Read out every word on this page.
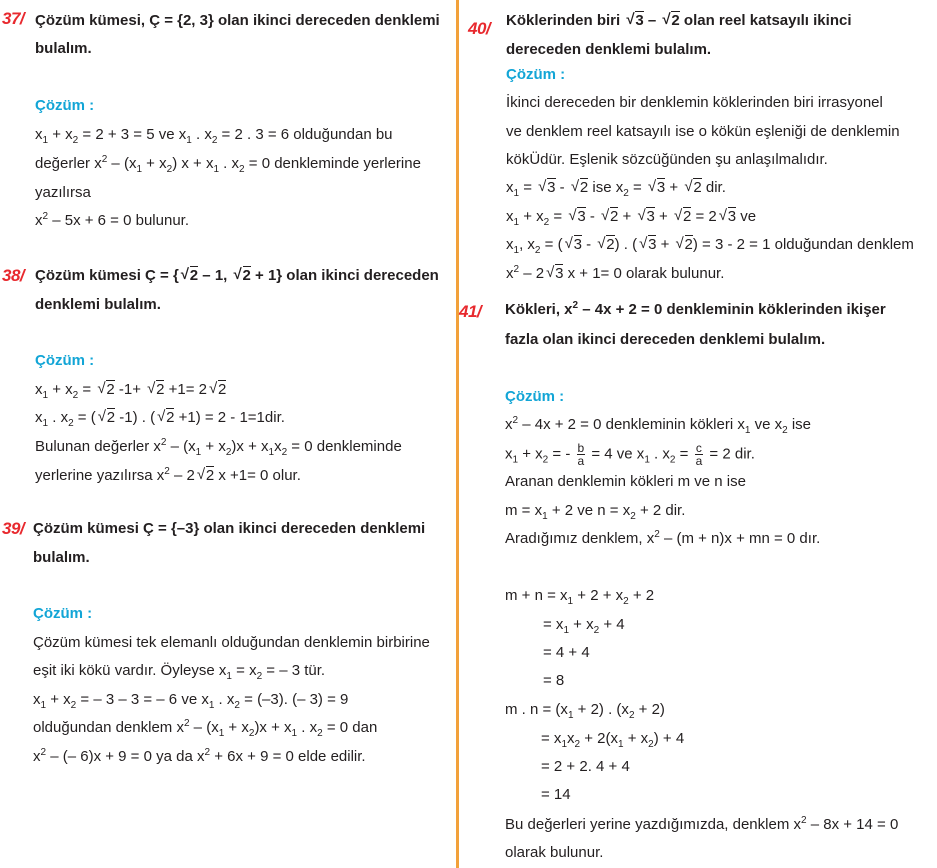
37/ Çözüm kümesi, Ç = {2, 3} olan ikinci dereceden denklemi
bulalım.
Çözüm :
$x_1 + x_2 = 2 + 3 = 5$ ve $x_1$ . $x_2 = 2$ . 3 = 6 olduğundan bu
değerler $x^2 - (x_1 + x_2) x + x_1$ . $x_2 = 0$ denkleminde yerlerine
yazılırsa
$x^2 - 5x + 6 = 0$ bulunur.
38/ Çözüm kümesi Ç = {√ 2 – 1, √ 2 + 1} olan ikinci dereceden
denklemi bulalım.
Çözüm :
$x_1 + x_2$ = √ 2 -1+ √ 2 +1= 2√ 2
$x_1$ . $x_2$ = (√ 2 -1) . (√ 2 +1) = 2 - 1=1dir.
Bulunan değerler $x^2 - (x_1 + x_2)x + x_1x_2 = 0$ denkleminde
yerlerine yazılırsa $x^2 - 2√$ 2 x +1= 0 olur.
39/ Çözüm kümesi Ç = {–3} olan ikinci dereceden denklemi
bulalım.
Çözüm :
Çözüm kümesi tek elemanlı olduğundan denklemin birbirine
eşit iki kökü vardır. Öyleyse $x_1 = x_2$ = – 3 tür.
$x_1 + x_2$ = – 3 – 3 = – 6 ve $x_1$ . $x_2 = (-3)$. (– 3) = 9
olduğundan denklem $x^2 - (x_1 + x_2)x + x_1$ . $x_2 = 0$ dan
$x^2$ – (– 6)x + 9 = 0 ya da $x^2 + 6x + 9 = 0$ elde edilir.
40/ Köklerinden biri √ 3 – √ 2 olan reel katsayılı ikinci
dereceden denklemi bulalım.
Çözüm :
İkinci dereceden bir denklemin köklerinden biri irrasyonel
ve denklem reel katsayılı ise o kökün eşleniği de denklemin
kökÜdür. Eşlenik sözcüğünden şu anlaşılmalıdır.
$x_1$ = √ 3 - √ 2 ise $x_2$ = √ 3 + √ 2 dir.
$x_1 + x_2$ = √ 3 - √ 2 + √ 3 + √ 2 = 2√ 3 ve
$x_1$, $x_2$ = (√ 3 - √ 2) . (√ 3 + √ 2) = 3 - 2 = 1 olduğundan denklem
$x^2 - 2√$ 3 x + 1= 0 olarak bulunur.
41/ Kökleri, $x^2 - 4x + 2 = 0$ denkleminin köklerinden ikişer
fazla olan ikinci dereceden denklemi bulalım.
Çözüm :
$x^2 - 4x + 2 = 0$ denkleminin kökleri $x_1$ ve $x_2$ ise
$x_1 + x_2$ = - $\frac{b}{a} = 4$ ve $x_1$ . $x_2 = \frac{c}{a} = 2$ dir.
Aranan denklemin kökleri m ve n ise
$m = x_1 + 2$ ve $n = x_2 + 2$ dir.
Aradığımız denklem, $x^2 - (m + n)x$ + mn = 0 dır.
$m + n = x_1 + 2 + x_2 + 2$
= $x_1 + x_2 + 4$
= 4 + 4
= 8
m . $n = (x_1 + 2)$ . $(x_2 + 2)$
= $x_1x_2 + 2(x_1 + x_2) + 4$
= 2 + 2. 4 + 4
= 14
Bu değerleri yerine yazdığımızda, denklem $x^2 - 8x + 14 = 0$
olarak bulunur.
